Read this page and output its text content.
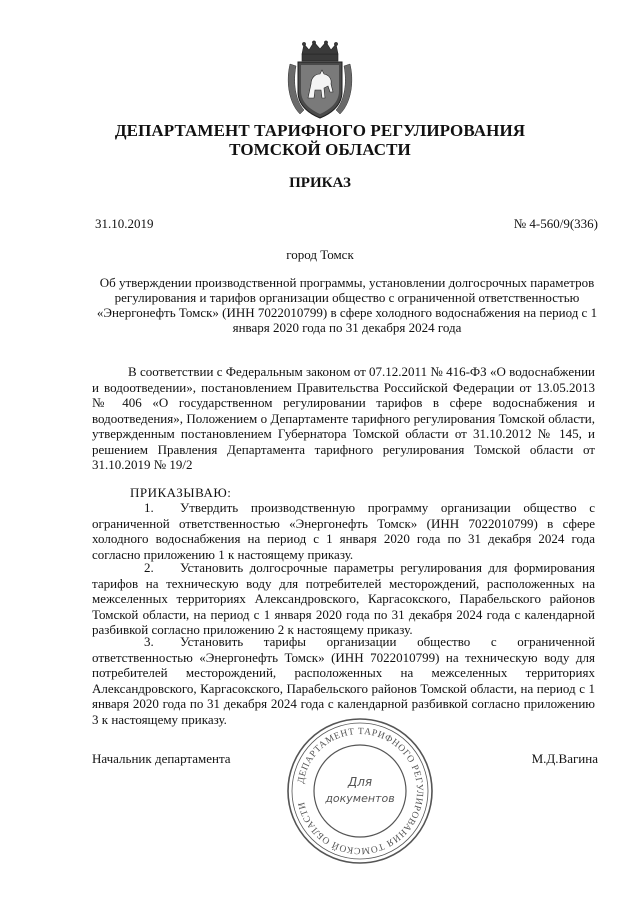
ДЕПАРТАМЕНТ ТАРИФНОГО РЕГУЛИРОВАНИЯ
ТОМСКОЙ ОБЛАСТИ
ПРИКАЗ
31.10.2019	№ 4-560/9(336)
город Томск
Об утверждении производственной программы, установлении долгосрочных параметров регулирования и тарифов организации общество с ограниченной ответственностью «Энергонефть Томск» (ИНН 7022010799) в сфере холодного водоснабжения на период с 1 января 2020 года по 31 декабря 2024 года
В соответствии с Федеральным законом от 07.12.2011 № 416-ФЗ «О водоснабжении и водоотведении», постановлением Правительства Российской Федерации от 13.05.2013 № 406 «О государственном регулировании тарифов в сфере водоснабжения и водоотведения», Положением о Департаменте тарифного регулирования Томской области, утвержденным постановлением Губернатора Томской области от 31.10.2012 № 145, и решением Правления Департамента тарифного регулирования Томской области от 31.10.2019 № 19/2
ПРИКАЗЫВАЮ:
1. Утвердить производственную программу организации общество с ограниченной ответственностью «Энергонефть Томск» (ИНН 7022010799) в сфере холодного водоснабжения на период с 1 января 2020 года по 31 декабря 2024 года согласно приложению 1 к настоящему приказу.
2. Установить долгосрочные параметры регулирования для формирования тарифов на техническую воду для потребителей месторождений, расположенных на межселенных территориях Александровского, Каргасокского, Парабельского районов Томской области, на период с 1 января 2020 года по 31 декабря 2024 года с календарной разбивкой согласно приложению 2 к настоящему приказу.
3. Установить тарифы организации общество с ограниченной ответственностью «Энергонефть Томск» (ИНН 7022010799) на техническую воду для потребителей месторождений, расположенных на межселенных территориях Александровского, Каргасокского, Парабельского районов Томской области, на период с 1 января 2020 года по 31 декабря 2024 года с календарной разбивкой согласно приложению 3 к настоящему приказу.
Начальник департамента	М.Д.Вагина
ДЕПАРТАМЕНТ ТАРИФНОГО РЕГУЛИРОВАНИЯ ТОМСКОЙ ОБЛАСТИ
Для
документов
